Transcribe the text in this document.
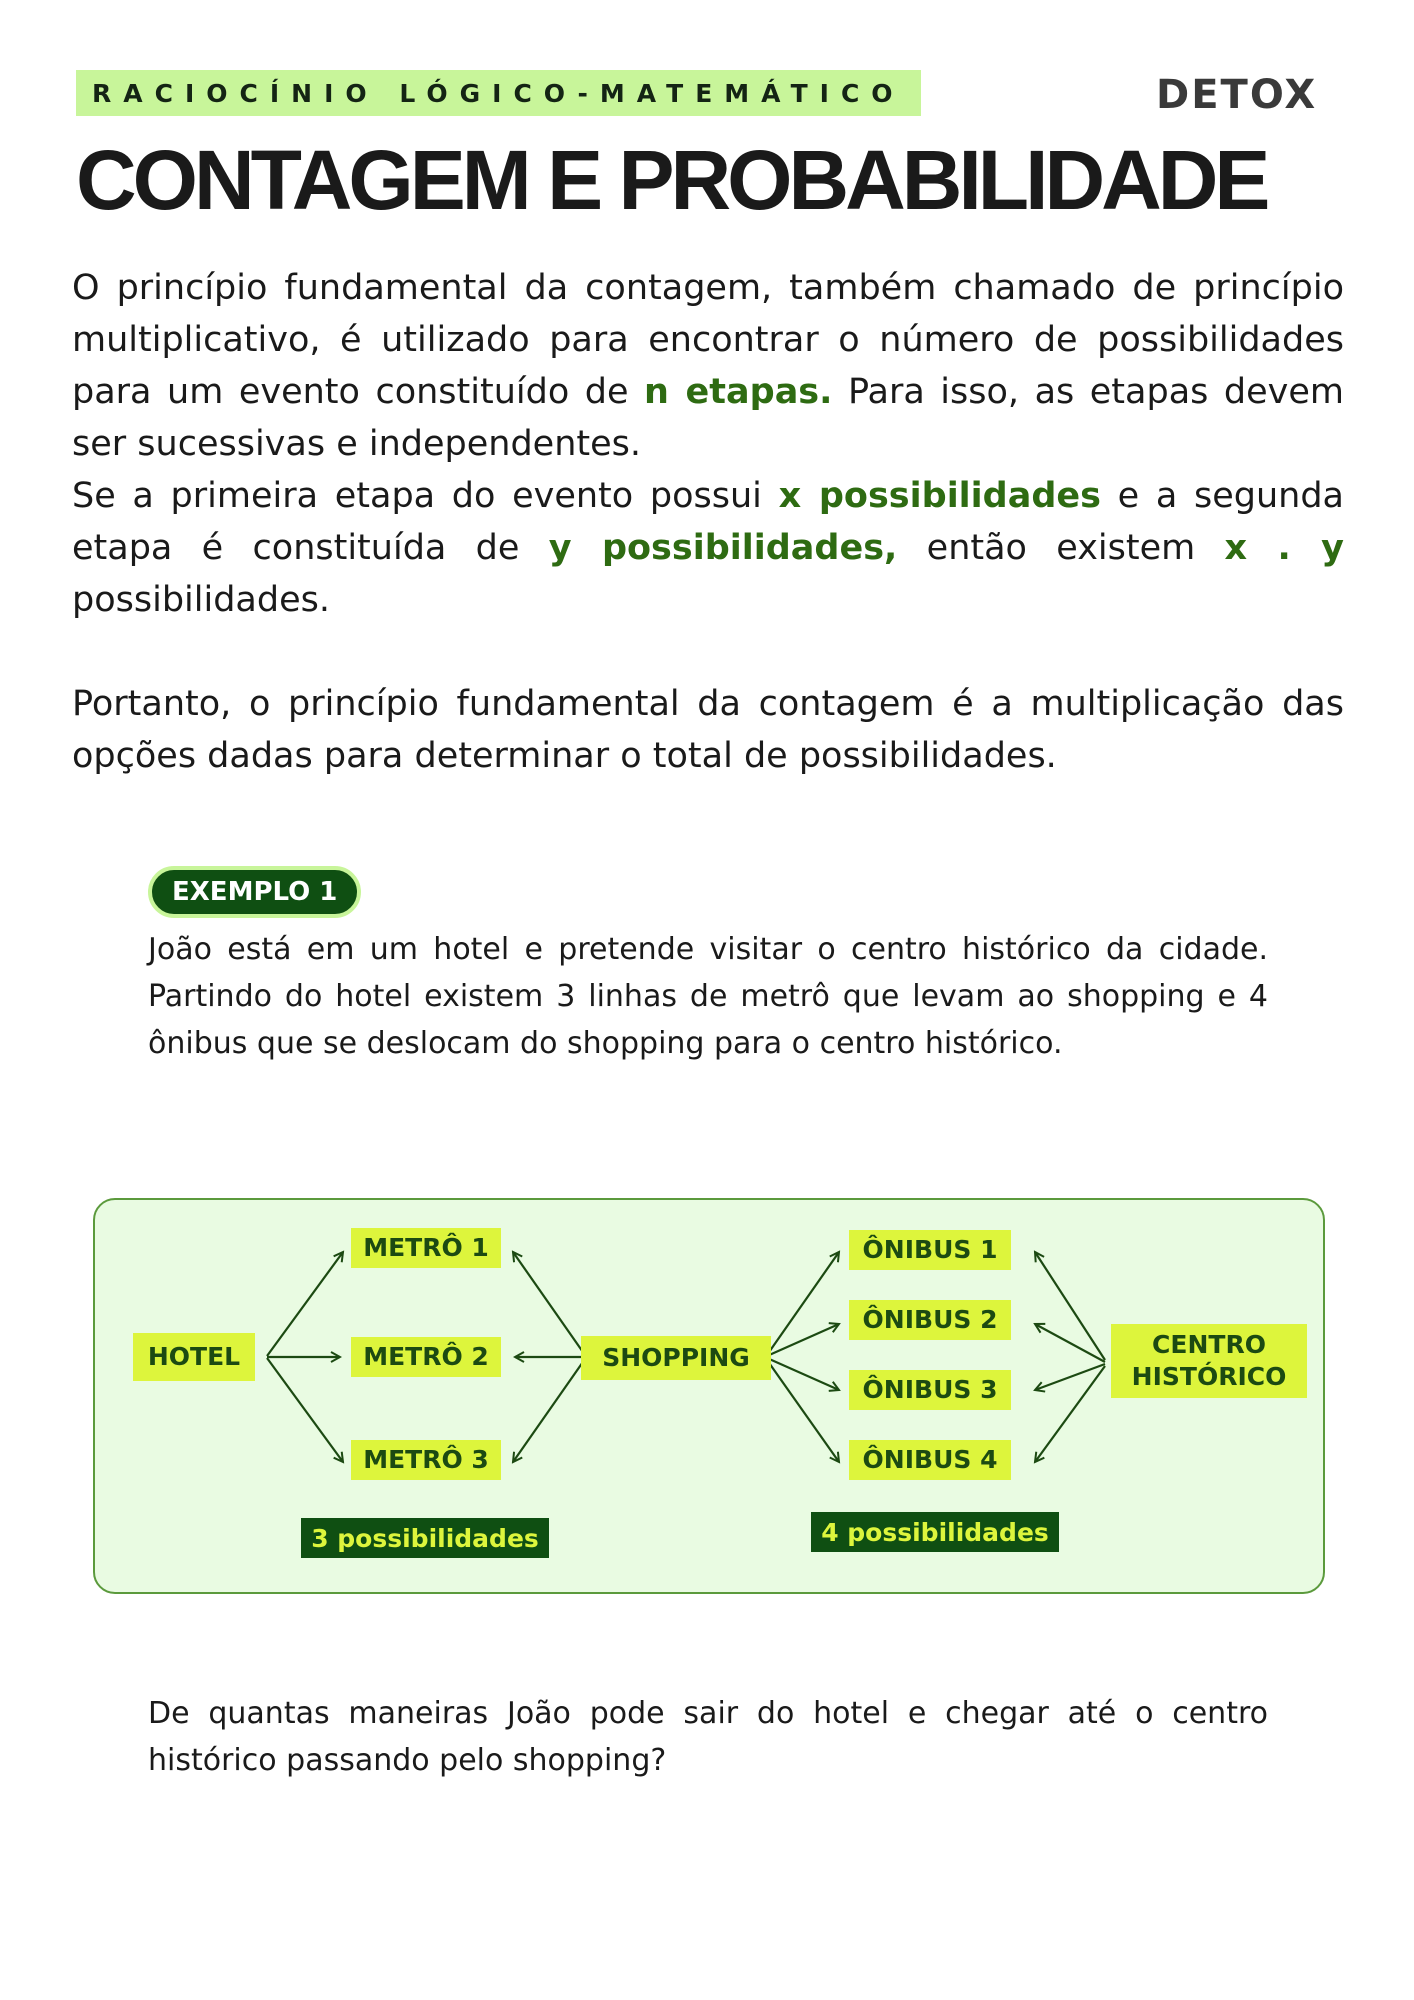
RACIOCÍNIO LÓGICO-MATEMÁTICO	DETOX
CONTAGEM E PROBABILIDADE

O princípio fundamental da contagem, também chamado de princípio multiplicativo, é utilizado para encontrar o número de possibilidades para um evento constituído de n etapas. Para isso, as etapas devem ser sucessivas e independentes.

Se a primeira etapa do evento possui x possibilidades e a segunda etapa é constituída de y possibilidades, então existem x . y possibilidades.

Portanto, o princípio fundamental da contagem é a multiplicação das opções dadas para determinar o total de possibilidades.

EXEMPLO 1

João está em um hotel e pretende visitar o centro histórico da cidade. Partindo do hotel existem 3 linhas de metrô que levam ao shopping e 4 ônibus que se deslocam do shopping para o centro histórico.

HOTEL
METRÔ 1
METRÔ 2
METRÔ 3
SHOPPING
ÔNIBUS 1
ÔNIBUS 2
ÔNIBUS 3
ÔNIBUS 4
CENTRO
HISTÓRICO
3 possibilidades	4 possibilidades

De quantas maneiras João pode sair do hotel e chegar até o centro histórico passando pelo shopping?
